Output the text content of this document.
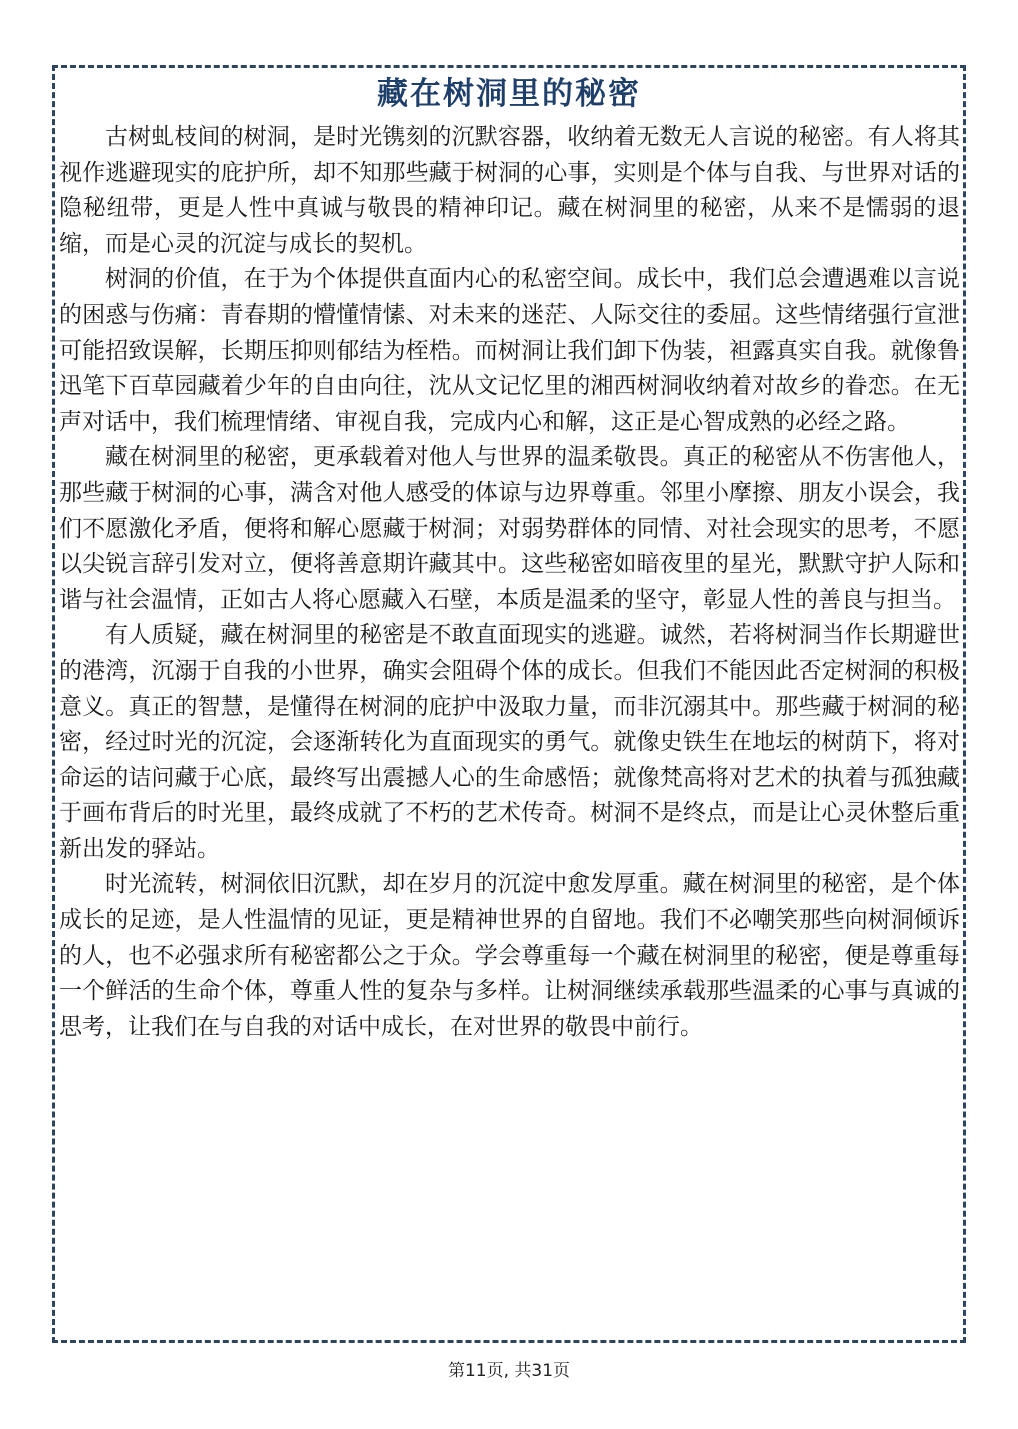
藏在树洞里的秘密

古树虬枝间的树洞，是时光镌刻的沉默容器，收纳着无数无人言说的秘密。有人将其视作逃避现实的庇护所，却不知那些藏于树洞的心事，实则是个体与自我、与世界对话的隐秘纽带，更是人性中真诚与敬畏的精神印记。藏在树洞里的秘密，从来不是懦弱的退缩，而是心灵的沉淀与成长的契机。

树洞的价值，在于为个体提供直面内心的私密空间。成长中，我们总会遭遇难以言说的困惑与伤痛：青春期的懵懂情愫、对未来的迷茫、人际交往的委屈。这些情绪强行宣泄可能招致误解，长期压抑则郁结为桎梏。而树洞让我们卸下伪装，袒露真实自我。就像鲁迅笔下百草园藏着少年的自由向往，沈从文记忆里的湘西树洞收纳着对故乡的眷恋。在无声对话中，我们梳理情绪、审视自我，完成内心和解，这正是心智成熟的必经之路。

藏在树洞里的秘密，更承载着对他人与世界的温柔敬畏。真正的秘密从不伤害他人，那些藏于树洞的心事，满含对他人感受的体谅与边界尊重。邻里小摩擦、朋友小误会，我们不愿激化矛盾，便将和解心愿藏于树洞；对弱势群体的同情、对社会现实的思考，不愿以尖锐言辞引发对立，便将善意期许藏其中。这些秘密如暗夜里的星光，默默守护人际和谐与社会温情，正如古人将心愿藏入石壁，本质是温柔的坚守，彰显人性的善良与担当。

有人质疑，藏在树洞里的秘密是不敢直面现实的逃避。诚然，若将树洞当作长期避世的港湾，沉溺于自我的小世界，确实会阻碍个体的成长。但我们不能因此否定树洞的积极意义。真正的智慧，是懂得在树洞的庇护中汲取力量，而非沉溺其中。那些藏于树洞的秘密，经过时光的沉淀，会逐渐转化为直面现实的勇气。就像史铁生在地坛的树荫下，将对命运的诘问藏于心底，最终写出震撼人心的生命感悟；就像梵高将对艺术的执着与孤独藏于画布背后的时光里，最终成就了不朽的艺术传奇。树洞不是终点，而是让心灵休整后重新出发的驿站。

时光流转，树洞依旧沉默，却在岁月的沉淀中愈发厚重。藏在树洞里的秘密，是个体成长的足迹，是人性温情的见证，更是精神世界的自留地。我们不必嘲笑那些向树洞倾诉的人，也不必强求所有秘密都公之于众。学会尊重每一个藏在树洞里的秘密，便是尊重每一个鲜活的生命个体，尊重人性的复杂与多样。让树洞继续承载那些温柔的心事与真诚的思考，让我们在与自我的对话中成长，在对世界的敬畏中前行。

第11页, 共31页
